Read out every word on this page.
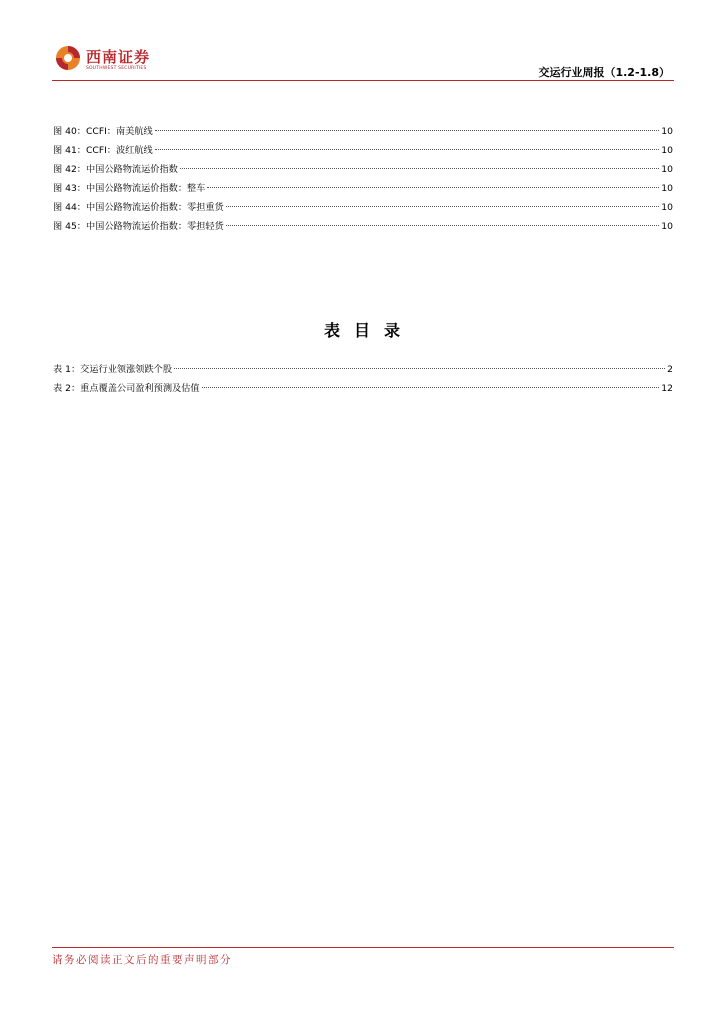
西南证券
SOUTHWEST SECURITIES	交运行业周报（1.2-1.8）
图 40：CCFI：南美航线	10
图 41：CCFI：波红航线	10
图 42：中国公路物流运价指数	10
图 43：中国公路物流运价指数：整车	10
图 44：中国公路物流运价指数：零担重货	10
图 45：中国公路物流运价指数：零担轻货	10
表目录
表 1：交运行业领涨领跌个股	2
表 2：重点覆盖公司盈利预测及估值	12
请务必阅读正文后的重要声明部分
